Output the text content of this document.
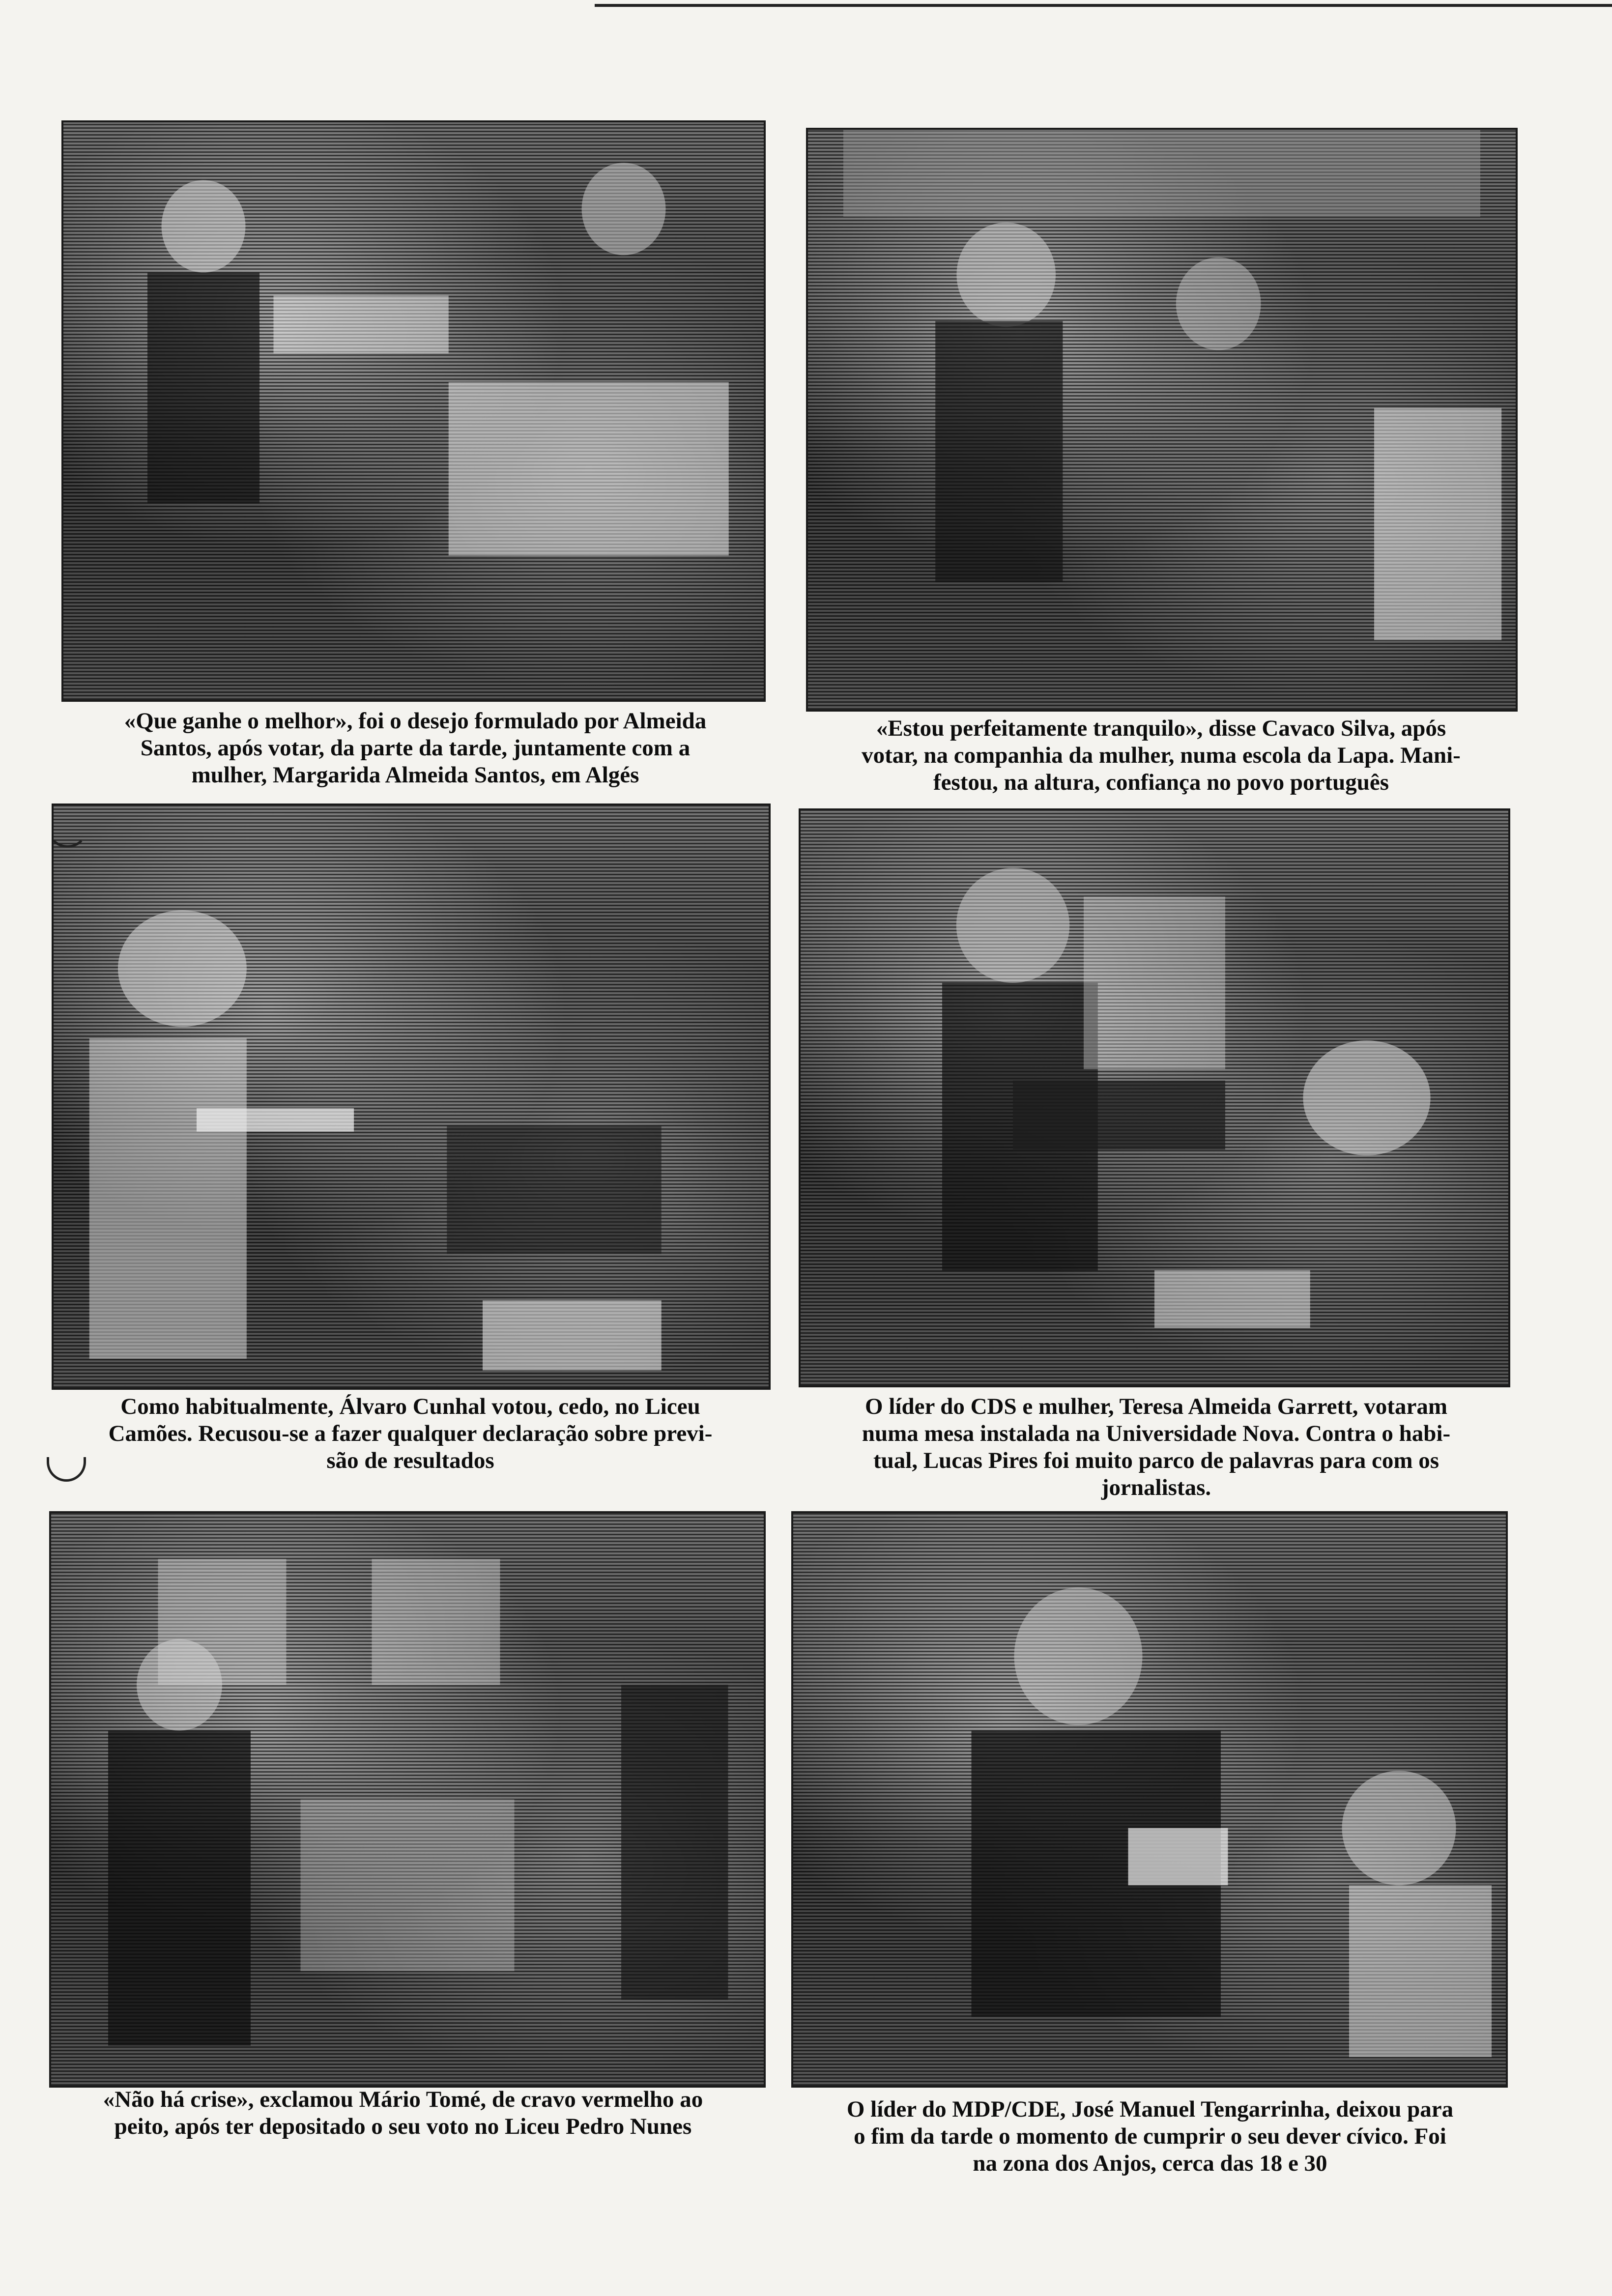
«Que ganhe o melhor», foi o desejo formulado por Almeida
Santos, após votar, da parte da tarde, juntamente com a
mulher, Margarida Almeida Santos, em Algés
«Estou perfeitamente tranquilo», disse Cavaco Silva, após
votar, na companhia da mulher, numa escola da Lapa. Mani-
festou, na altura, confiança no povo português
Como habitualmente, Álvaro Cunhal votou, cedo, no Liceu
Camões. Recusou-se a fazer qualquer declaração sobre previ-
são de resultados
O líder do CDS e mulher, Teresa Almeida Garrett, votaram
numa mesa instalada na Universidade Nova. Contra o habi-
tual, Lucas Pires foi muito parco de palavras para com os
jornalistas.
«Não há crise», exclamou Mário Tomé, de cravo vermelho ao
peito, após ter depositado o seu voto no Liceu Pedro Nunes
O líder do MDP/CDE, José Manuel Tengarrinha, deixou para
o fim da tarde o momento de cumprir o seu dever cívico. Foi
na zona dos Anjos, cerca das 18 e 30
